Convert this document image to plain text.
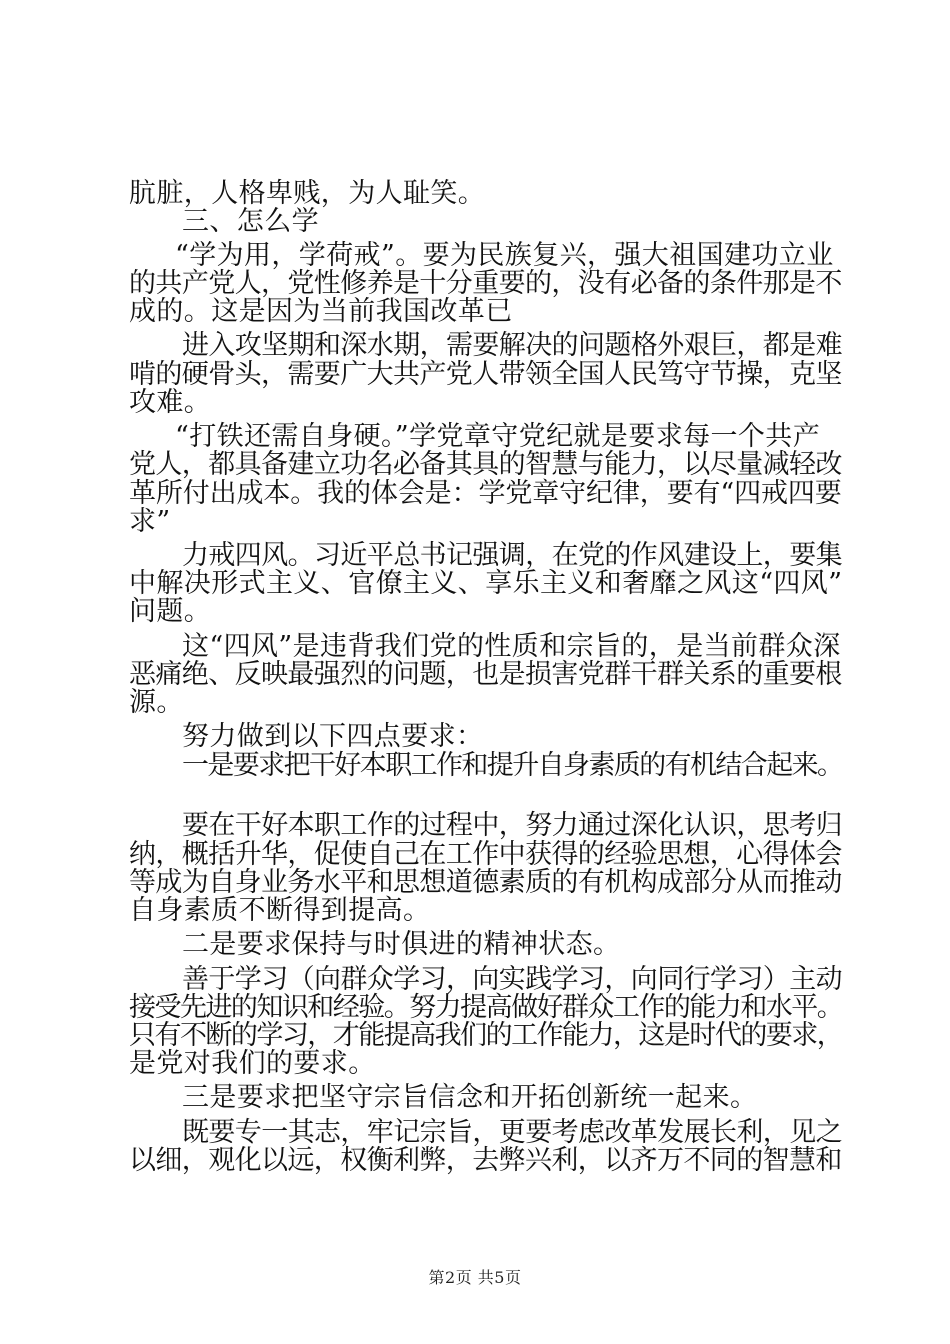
肮脏，人格卑贱，为人耻笑。
三、怎么学
“学为用，学荷戒”。要为民族复兴，强大祖国建功立业
的共产党人，党性修养是十分重要的，没有必备的条件那是不
成的。这是因为当前我国改革已
进入攻坚期和深水期，需要解决的问题格外艰巨，都是难
啃的硬骨头，需要广大共产党人带领全国人民笃守节操，克坚
攻难。
“打铁还需自身硬。”学党章守党纪就是要求每一个共产
党人，都具备建立功名必备其具的智慧与能力，以尽量减轻改
革所付出成本。我的体会是：学党章守纪律，要有“四戒四要
求”
力戒四风。习近平总书记强调，在党的作风建设上，要集
中解决形式主义、官僚主义、享乐主义和奢靡之风这“四风”
问题。
这“四风”是违背我们党的性质和宗旨的，是当前群众深
恶痛绝、反映最强烈的问题，也是损害党群干群关系的重要根
源。
努力做到以下四点要求：
一是要求把干好本职工作和提升自身素质的有机结合起来。
要在干好本职工作的过程中，努力通过深化认识，思考归
纳，概括升华，促使自己在工作中获得的经验思想，心得体会
等成为自身业务水平和思想道德素质的有机构成部分从而推动
自身素质不断得到提高。
二是要求保持与时俱进的精神状态。
善于学习（向群众学习，向实践学习，向同行学习）主动
接受先进的知识和经验。努力提高做好群众工作的能力和水平。
只有不断的学习，才能提高我们的工作能力，这是时代的要求，
是党对我们的要求。
三是要求把坚守宗旨信念和开拓创新统一起来。
既要专一其志，牢记宗旨，更要考虑改革发展长利，见之
以细，观化以远，权衡利弊，去弊兴利，以齐万不同的智慧和
第2页 共5页
